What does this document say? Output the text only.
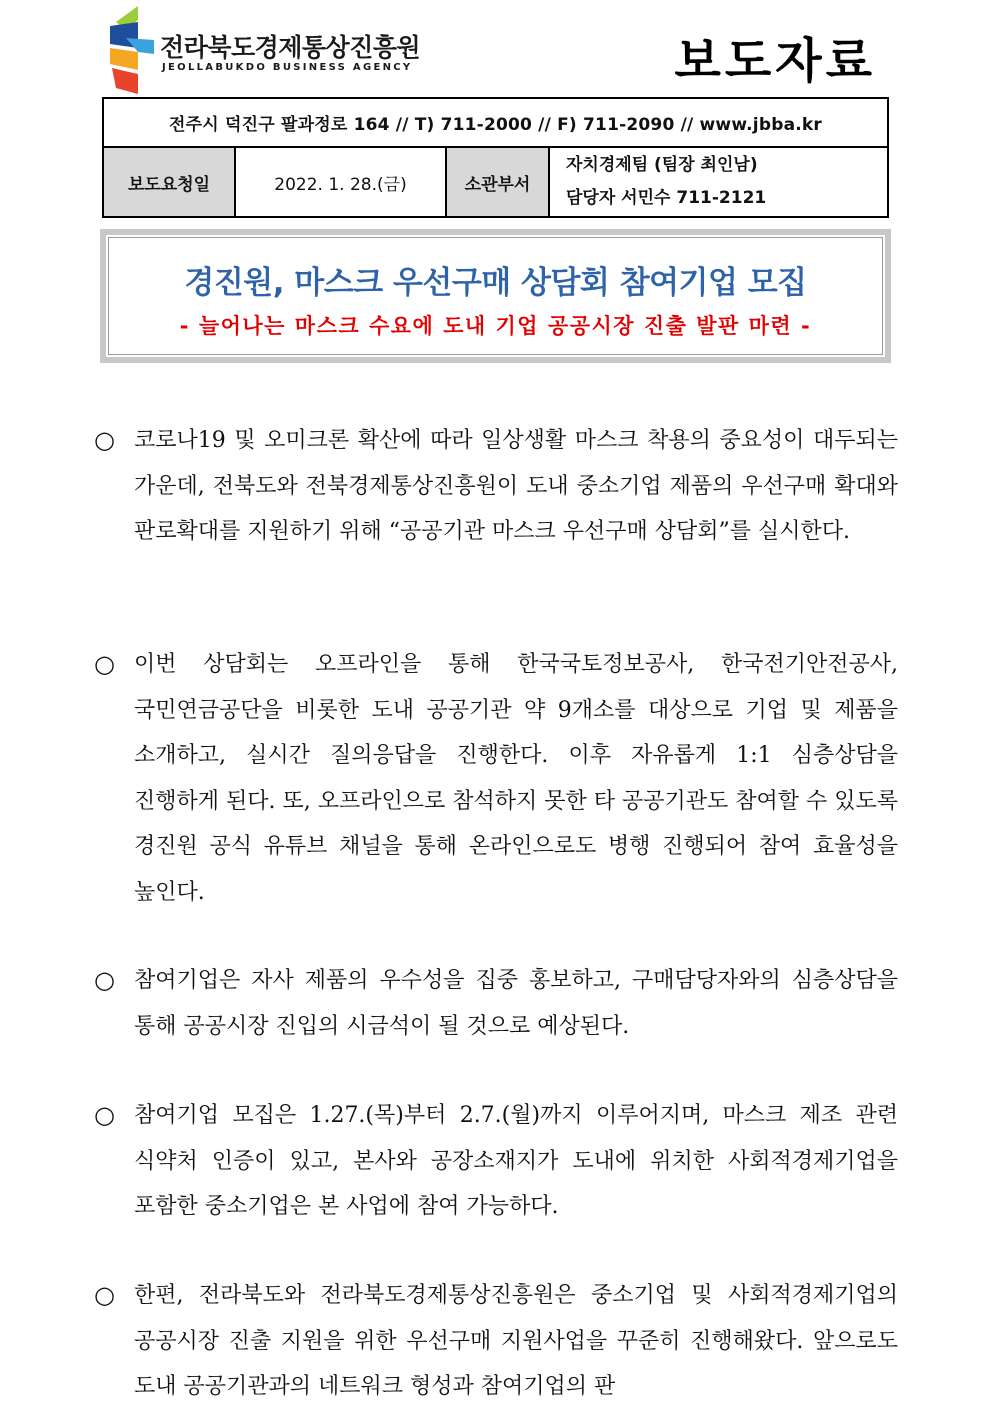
전라북도경제통상진흥원
JEOLLABUKDO BUSINESS AGENCY	보도자료
전주시 덕진구 팔과정로 164 // T) 711-2000 // F) 711-2090 // www.jbba.kr
보도요청일	2022. 1. 28.(금)	소관부서	
자치경제팀 (팀장 최인남)
담당자 서민수 711-2121
경진원, 마스크 우선구매 상담회 참여기업 모집
- 늘어나는 마스크 수요에 도내 기업 공공시장 진출 발판 마련 -
○ 코로나19 및 오미크론 확산에 따라 일상생활 마스크 착용의 중요성이 대두되는 가운데, 전북도와 전북경제통상진흥원이 도내 중소기업 제품의 우선구매 확대와 판로확대를 지원하기 위해 “공공기관 마스크 우선구매 상담회”를 실시한다.
○ 이번 상담회는 오프라인을 통해 한국국토정보공사, 한국전기안전공사, 국민연금공단을 비롯한 도내 공공기관 약 9개소를 대상으로 기업 및 제품을 소개하고, 실시간 질의응답을 진행한다. 이후 자유롭게 1:1 심층상담을 진행하게 된다. 또, 오프라인으로 참석하지 못한 타 공공기관도 참여할 수 있도록 경진원 공식 유튜브 채널을 통해 온라인으로도 병행 진행되어 참여 효율성을 높인다.
○ 참여기업은 자사 제품의 우수성을 집중 홍보하고, 구매담당자와의 심층상담을 통해 공공시장 진입의 시금석이 될 것으로 예상된다.
○ 참여기업 모집은 1.27.(목)부터 2.7.(월)까지 이루어지며, 마스크 제조 관련 식약처 인증이 있고, 본사와 공장소재지가 도내에 위치한 사회적경제기업을 포함한 중소기업은 본 사업에 참여 가능하다.
○ 한편, 전라북도와 전라북도경제통상진흥원은 중소기업 및 사회적경제기업의 공공시장 진출 지원을 위한 우선구매 지원사업을 꾸준히 진행해왔다. 앞으로도 도내 공공기관과의 네트워크 형성과 참여기업의 판
